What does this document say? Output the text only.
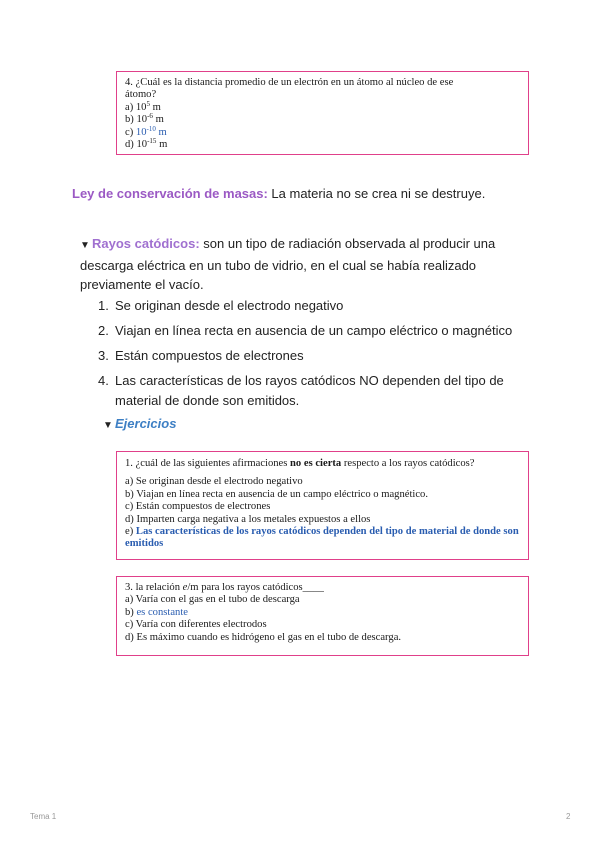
4. ¿Cuál es la distancia promedio de un electrón en un átomo al núcleo de ese
átomo?
a) $10^5$ m
b) $10^{-6}$ m
c) $10^{-10}$ m
d) $10^{-15}$ m
Ley de conservación de masas: La materia no se crea ni se destruye.
▼ Rayos catódicos: son un tipo de radiación observada al producir una descarga eléctrica en un tubo de vidrio, en el cual se había realizado previamente el vacío.
1. Se originan desde el electrodo negativo
2. Viajan en línea recta en ausencia de un campo eléctrico o magnético
3. Están compuestos de electrones
4. Las características de los rayos catódicos NO dependen del tipo de material de donde son emitidos.
▼ Ejercicios
1. ¿cuál de las siguientes afirmaciones no es cierta respecto a los rayos catódicos?
a) Se originan desde el electrodo negativo
b) Viajan en línea recta en ausencia de un campo eléctrico o magnético.
c) Están compuestos de electrones
d) Imparten carga negativa a los metales expuestos a ellos
e) Las características de los rayos catódicos dependen del tipo de material de donde son emitidos
3. la relación e/m para los rayos catódicos____
a) Varía con el gas en el tubo de descarga
b) es constante
c) Varía con diferentes electrodos
d) Es máximo cuando es hidrógeno el gas en el tubo de descarga.
Tema 1	2
